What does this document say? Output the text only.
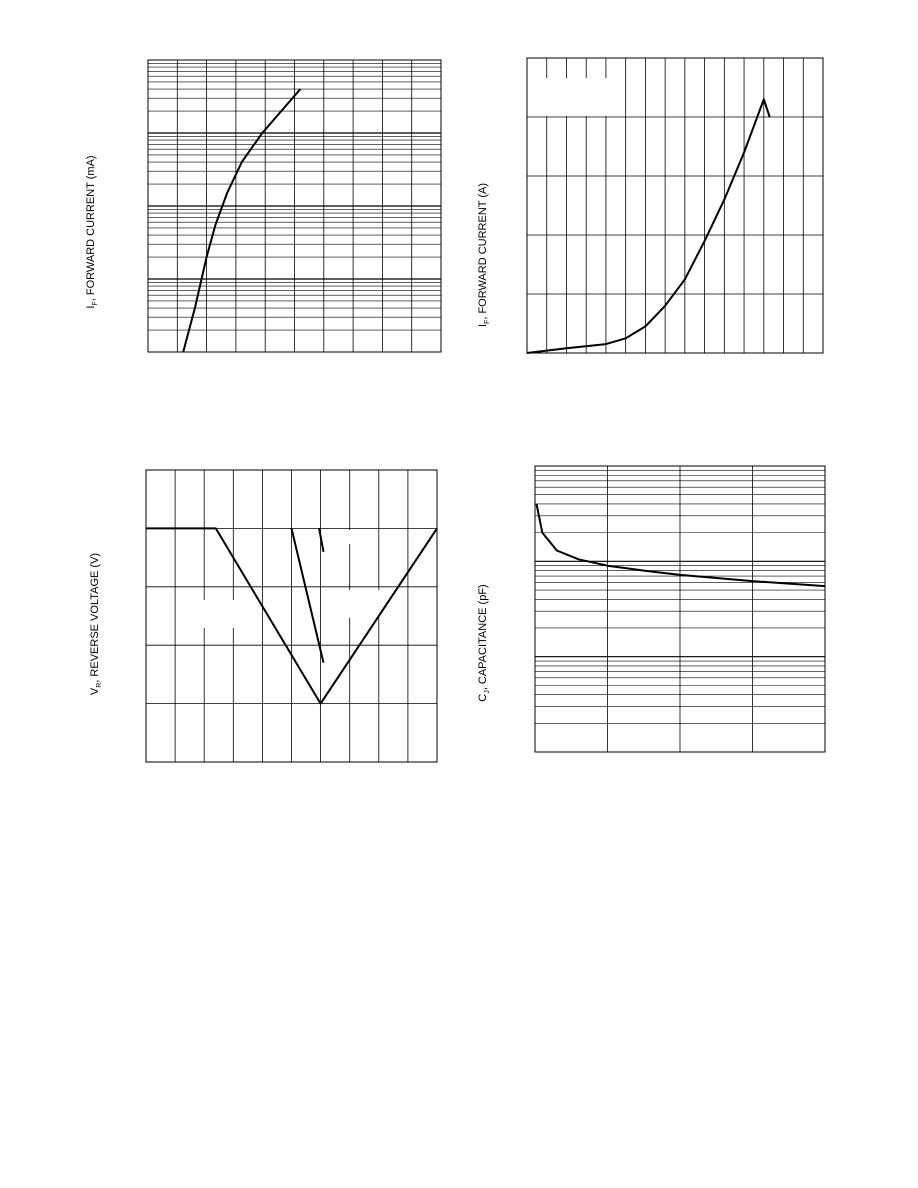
$I_F$, FORWARD CURRENT (mA)
$I_F$, FORWARD CURRENT (A)
$V_R$, REVERSE VOLTAGE (V)
$C_J$, CAPACITANCE (pF)
